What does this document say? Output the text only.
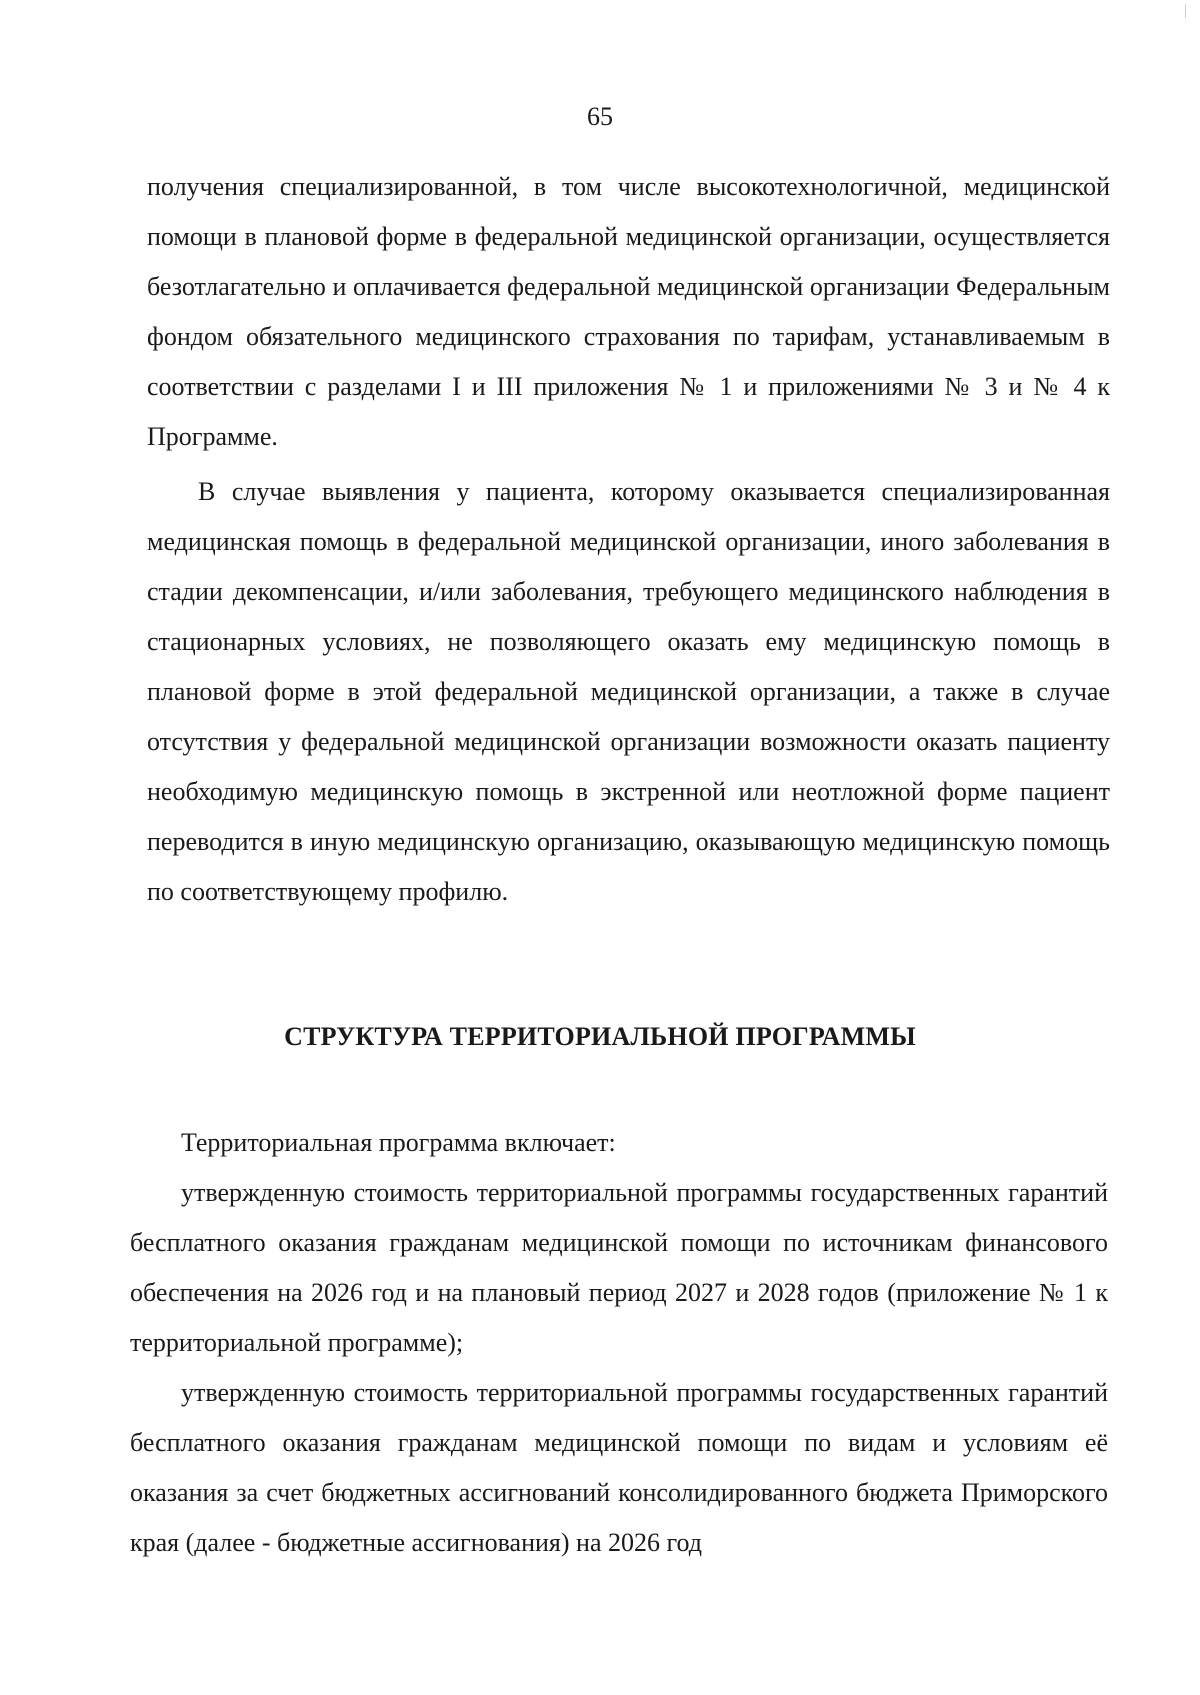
65

получения специализированной, в том числе высокотехнологичной, медицинской помощи в плановой форме в федеральной медицинской организации, осуществляется безотлагательно и оплачивается федеральной медицинской организации Федеральным фондом обязательного медицинского страхования по тарифам, устанавливаемым в соответствии с разделами I и III приложения № 1 и приложениями № 3 и № 4 к Программе.

В случае выявления у пациента, которому оказывается специализированная медицинская помощь в федеральной медицинской организации, иного заболевания в стадии декомпенсации, и/или заболевания, требующего медицинского наблюдения в стационарных условиях, не позволяющего оказать ему медицинскую помощь в плановой форме в этой федеральной медицинской организации, а также в случае отсутствия у федеральной медицинской организации возможности оказать пациенту необходимую медицинскую помощь в экстренной или неотложной форме пациент переводится в иную медицинскую организацию, оказывающую медицинскую помощь по соответствующему профилю.

СТРУКТУРА ТЕРРИТОРИАЛЬНОЙ ПРОГРАММЫ

Территориальная программа включает:

утвержденную стоимость территориальной программы государственных гарантий бесплатного оказания гражданам медицинской помощи по источникам финансового обеспечения на 2026 год и на плановый период 2027 и 2028 годов (приложение № 1 к территориальной программе);

утвержденную стоимость территориальной программы государственных гарантий бесплатного оказания гражданам медицинской помощи по видам и условиям её оказания за счет бюджетных ассигнований консолидированного бюджета Приморского края (далее - бюджетные ассигнования) на 2026 год
